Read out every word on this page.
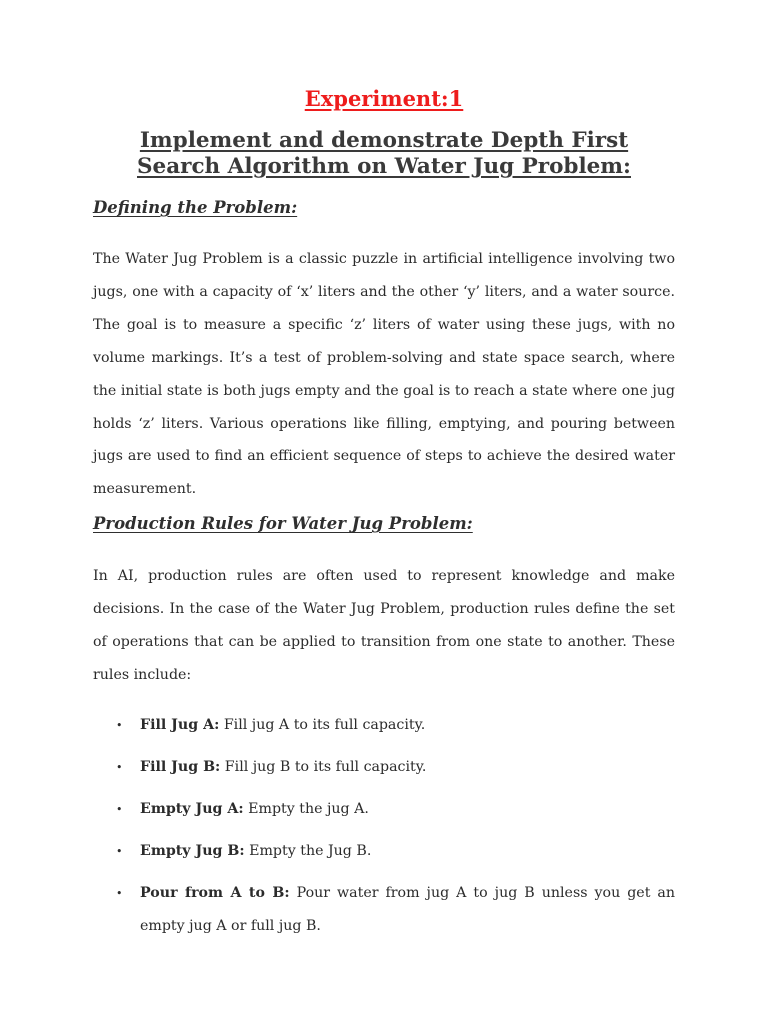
Experiment:1
Implement and demonstrate Depth First Search Algorithm on Water Jug Problem:
Defining the Problem:

The Water Jug Problem is a classic puzzle in artificial intelligence involving two jugs, one with a capacity of ‘x’ liters and the other ‘y’ liters, and a water source. The goal is to measure a specific ‘z’ liters of water using these jugs, with no volume markings. It’s a test of problem-solving and state space search, where the initial state is both jugs empty and the goal is to reach a state where one jug holds ‘z’ liters. Various operations like filling, emptying, and pouring between jugs are used to find an efficient sequence of steps to achieve the desired water measurement.

Production Rules for Water Jug Problem:

In AI, production rules are often used to represent knowledge and make decisions. In the case of the Water Jug Problem, production rules define the set of operations that can be applied to transition from one state to another. These rules include:

• Fill Jug A: Fill jug A to its full capacity.
• Fill Jug B: Fill jug B to its full capacity.
• Empty Jug A: Empty the jug A.
• Empty Jug B: Empty the Jug B.
• Pour from A to B: Pour water from jug A to jug B unless you get an empty jug A or full jug B.
